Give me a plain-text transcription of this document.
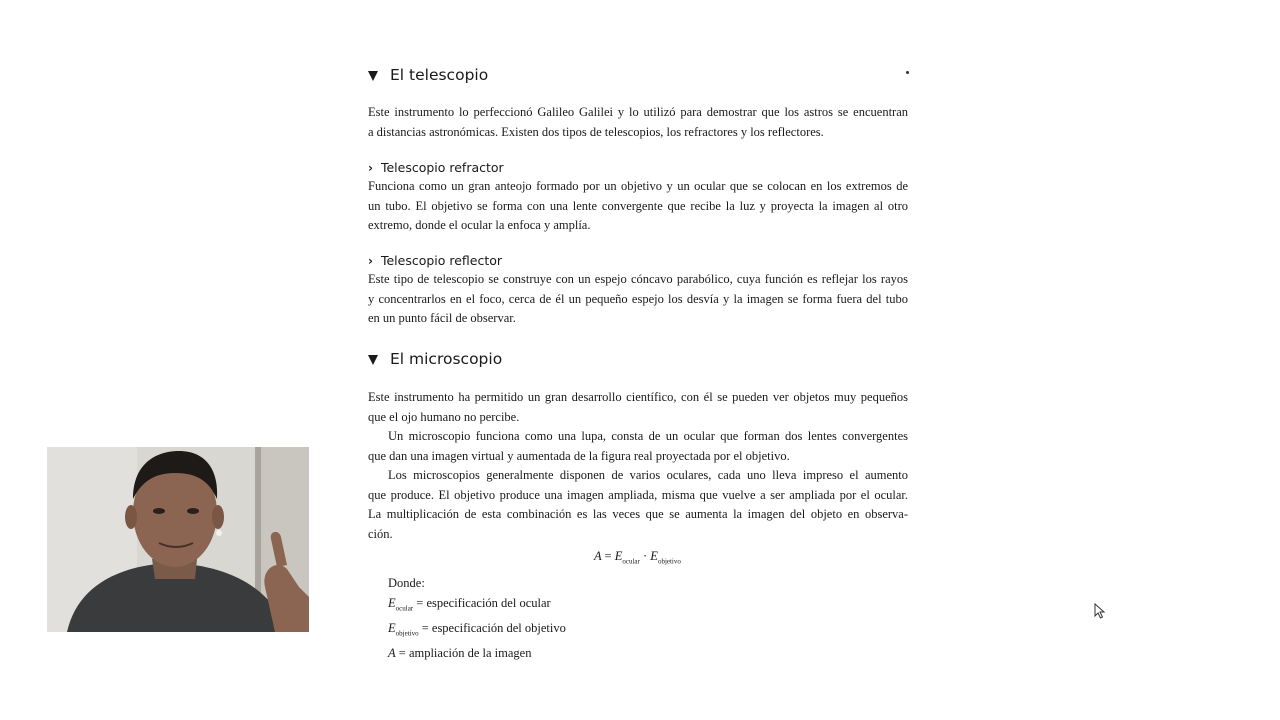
El telescopio
Este instrumento lo perfeccionó Galileo Galilei y lo utilizó para demostrar que los astros se encuentran
a distancias astronómicas. Existen dos tipos de telescopios, los refractores y los reflectores.
› Telescopio refractor
Funciona como un gran anteojo formado por un objetivo y un ocular que se colocan en los extremos de
un tubo. El objetivo se forma con una lente convergente que recibe la luz y proyecta la imagen al otro
extremo, donde el ocular la enfoca y amplía.
› Telescopio reflector
Este tipo de telescopio se construye con un espejo cóncavo parabólico, cuya función es reflejar los rayos
y concentrarlos en el foco, cerca de él un pequeño espejo los desvía y la imagen se forma fuera del tubo
en un punto fácil de observar.
El microscopio
Este instrumento ha permitido un gran desarrollo científico, con él se pueden ver objetos muy pequeños
que el ojo humano no percibe.
Un microscopio funciona como una lupa, consta de un ocular que forman dos lentes convergentes
que dan una imagen virtual y aumentada de la figura real proyectada por el objetivo.
Los microscopios generalmente disponen de varios oculares, cada uno lleva impreso el aumento
que produce. El objetivo produce una imagen ampliada, misma que vuelve a ser ampliada por el ocular.
La multiplicación de esta combinación es las veces que se aumenta la imagen del objeto en observa-
ción.
$A = E_{ocular} \cdot E_{objetivo}$
Donde:
$E_{ocular}$ = especificación del ocular
$E_{objetivo}$ = especificación del objetivo
A = ampliación de la imagen
